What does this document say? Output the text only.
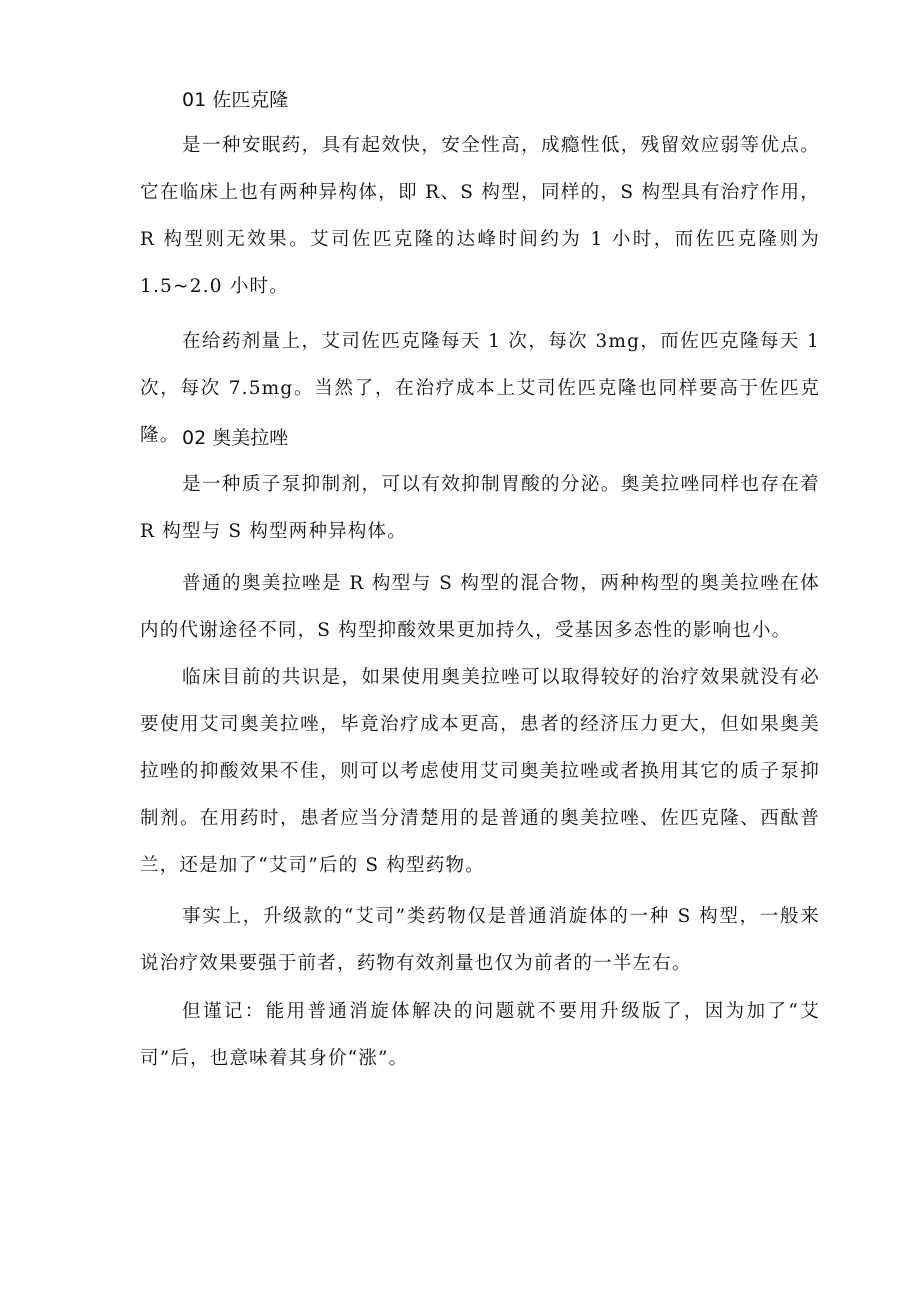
01 佐匹克隆

是一种安眠药，具有起效快，安全性高，成瘾性低，残留效应弱等优点。它在临床上也有两种异构体，即 R、S 构型，同样的，S 构型具有治疗作用，R 构型则无效果。艾司佐匹克隆的达峰时间约为 1 小时，而佐匹克隆则为 1.5~2.0 小时。

在给药剂量上，艾司佐匹克隆每天 1 次，每次 3mg，而佐匹克隆每天 1 次，每次 7.5mg。当然了，在治疗成本上艾司佐匹克隆也同样要高于佐匹克隆。 02 奥美拉唑

是一种质子泵抑制剂，可以有效抑制胃酸的分泌。奥美拉唑同样也存在着 R 构型与 S 构型两种异构体。

普通的奥美拉唑是 R 构型与 S 构型的混合物，两种构型的奥美拉唑在体内的代谢途径不同，S 构型抑酸效果更加持久，受基因多态性的影响也小。

临床目前的共识是，如果使用奥美拉唑可以取得较好的治疗效果就没有必要使用艾司奥美拉唑，毕竟治疗成本更高，患者的经济压力更大，但如果奥美拉唑的抑酸效果不佳，则可以考虑使用艾司奥美拉唑或者换用其它的质子泵抑制剂。在用药时，患者应当分清楚用的是普通的奥美拉唑、佐匹克隆、西酞普兰，还是加了“艾司”后的 S 构型药物。

事实上，升级款的“艾司”类药物仅是普通消旋体的一种 S 构型，一般来说治疗效果要强于前者，药物有效剂量也仅为前者的一半左右。

但谨记：能用普通消旋体解决的问题就不要用升级版了，因为加了“艾司”后，也意味着其身价“涨”。
